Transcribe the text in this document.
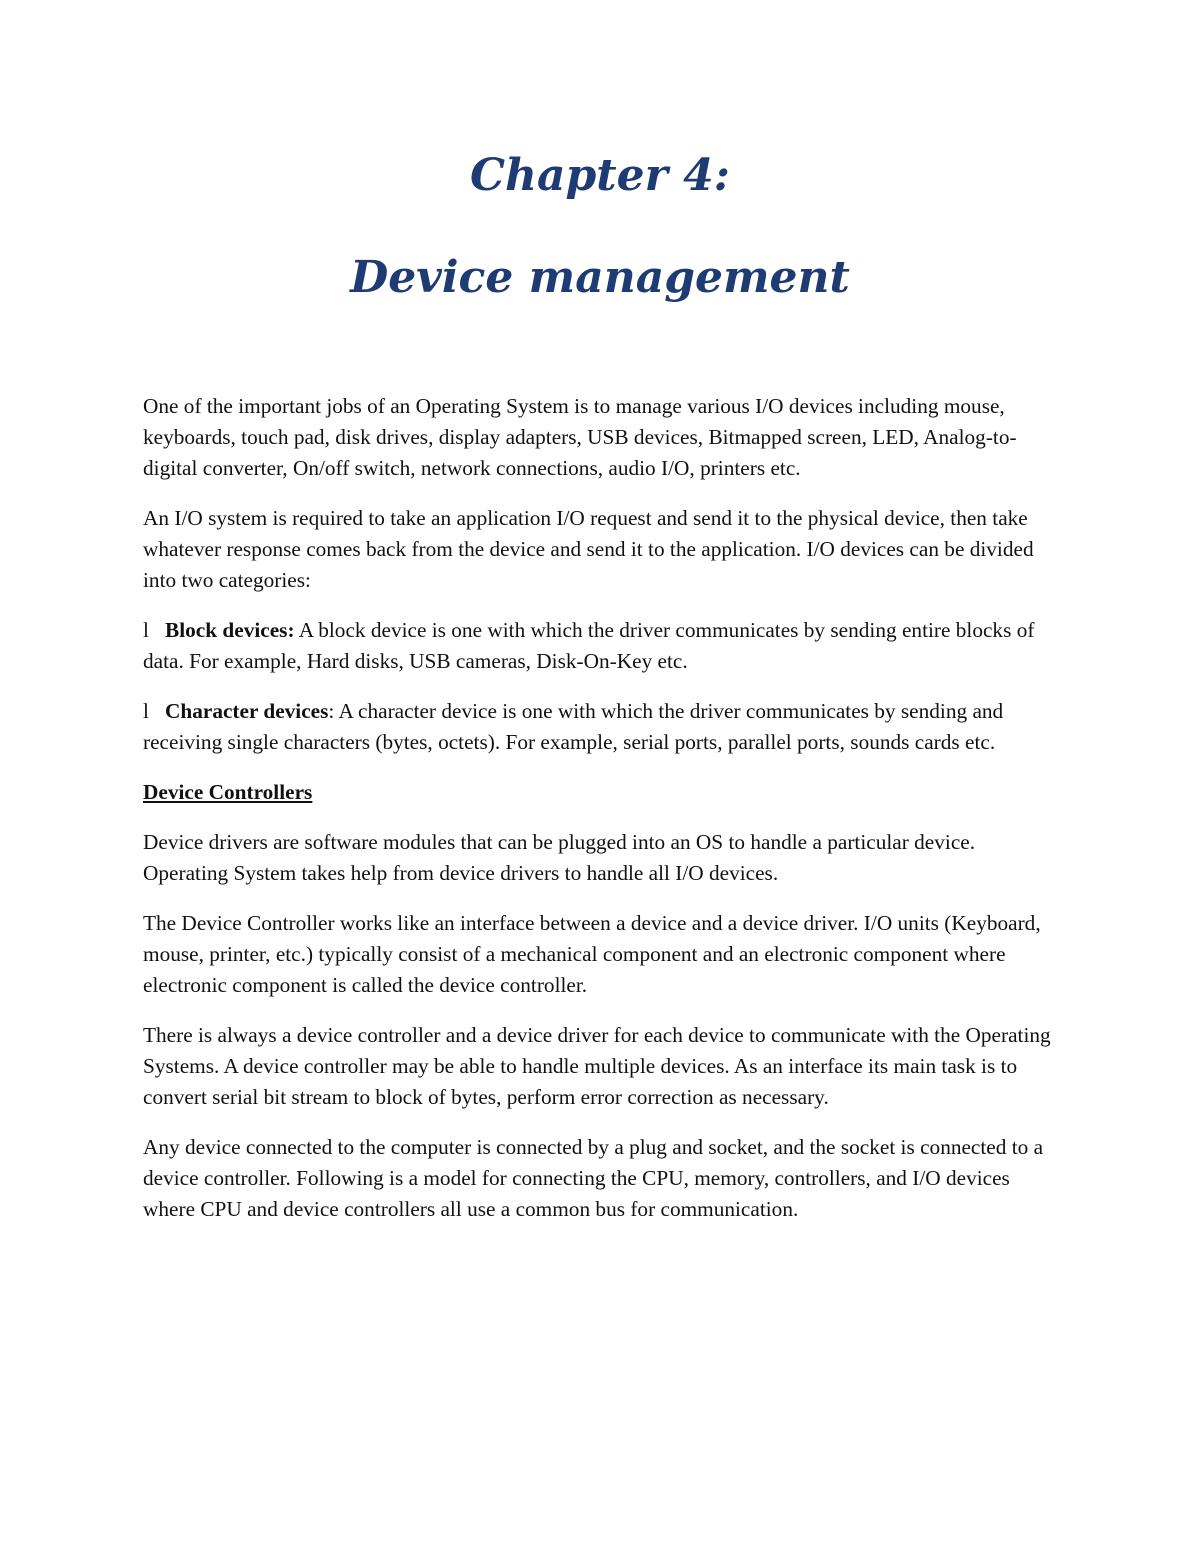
Chapter 4:
Device management

One of the important jobs of an Operating System is to manage various I/O devices including mouse, keyboards, touch pad, disk drives, display adapters, USB devices, Bitmapped screen, LED, Analog-to-digital converter, On/off switch, network connections, audio I/O, printers etc.

An I/O system is required to take an application I/O request and send it to the physical device, then take whatever response comes back from the device and send it to the application. I/O devices can be divided into two categories:

l Block devices: A block device is one with which the driver communicates by sending entire blocks of data. For example, Hard disks, USB cameras, Disk-On-Key etc.

l Character devices: A character device is one with which the driver communicates by sending and receiving single characters (bytes, octets). For example, serial ports, parallel ports, sounds cards etc.

Device Controllers

Device drivers are software modules that can be plugged into an OS to handle a particular device. Operating System takes help from device drivers to handle all I/O devices.

The Device Controller works like an interface between a device and a device driver. I/O units (Keyboard, mouse, printer, etc.) typically consist of a mechanical component and an electronic component where electronic component is called the device controller.

There is always a device controller and a device driver for each device to communicate with the Operating Systems. A device controller may be able to handle multiple devices. As an interface its main task is to convert serial bit stream to block of bytes, perform error correction as necessary.

Any device connected to the computer is connected by a plug and socket, and the socket is connected to a device controller. Following is a model for connecting the CPU, memory, controllers, and I/O devices where CPU and device controllers all use a common bus for communication.
